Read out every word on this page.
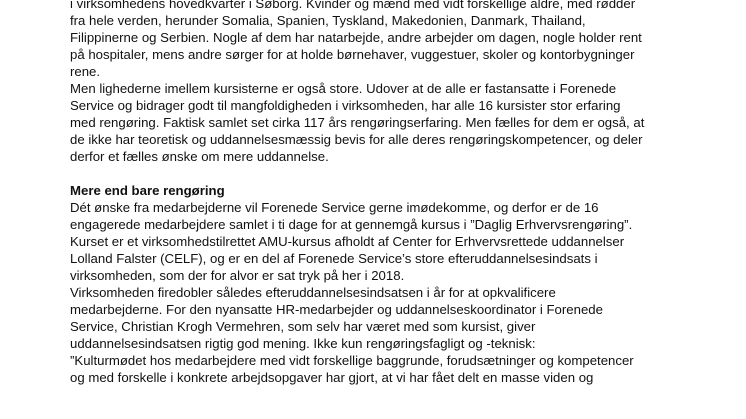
i virksomhedens hovedkvarter i Søborg. Kvinder og mænd med vidt forskellige aldre, med rødder
fra hele verden, herunder Somalia, Spanien, Tyskland, Makedonien, Danmark, Thailand,
Filippinerne og Serbien. Nogle af dem har natarbejde, andre arbejder om dagen, nogle holder rent
på hospitaler, mens andre sørger for at holde børnehaver, vuggestuer, skoler og kontorbygninger
rene.
Men lighederne imellem kursisterne er også store. Udover at de alle er fastansatte i Forenede
Service og bidrager godt til mangfoldigheden i virksomheden, har alle 16 kursister stor erfaring
med rengøring. Faktisk samlet set cirka 117 års rengøringserfaring. Men fælles for dem er også, at
de ikke har teoretisk og uddannelsesmæssig bevis for alle deres rengøringskompetencer, og deler
derfor et fælles ønske om mere uddannelse.
Mere end bare rengøring
Dét ønske fra medarbejderne vil Forenede Service gerne imødekomme, og derfor er de 16
engagerede medarbejdere samlet i ti dage for at gennemgå kursus i ”Daglig Erhvervsrengøring”.
Kurset er et virksomhedstilrettet AMU-kursus afholdt af Center for Erhvervsrettede uddannelser
Lolland Falster (CELF), og er en del af Forenede Service’s store efteruddannelsesindsats i
virksomheden, som der for alvor er sat tryk på her i 2018.
Virksomheden firedobler således efteruddannelsesindsatsen i år for at opkvalificere
medarbejderne. For den nyansatte HR-medarbejder og uddannelseskoordinator i Forenede
Service, Christian Krogh Vermehren, som selv har været med som kursist, giver
uddannelsesindsatsen rigtig god mening. Ikke kun rengøringsfagligt og -teknisk:
”Kulturmødet hos medarbejdere med vidt forskellige baggrunde, forudsætninger og kompetencer
og med forskelle i konkrete arbejdsopgaver har gjort, at vi har fået delt en masse viden og
